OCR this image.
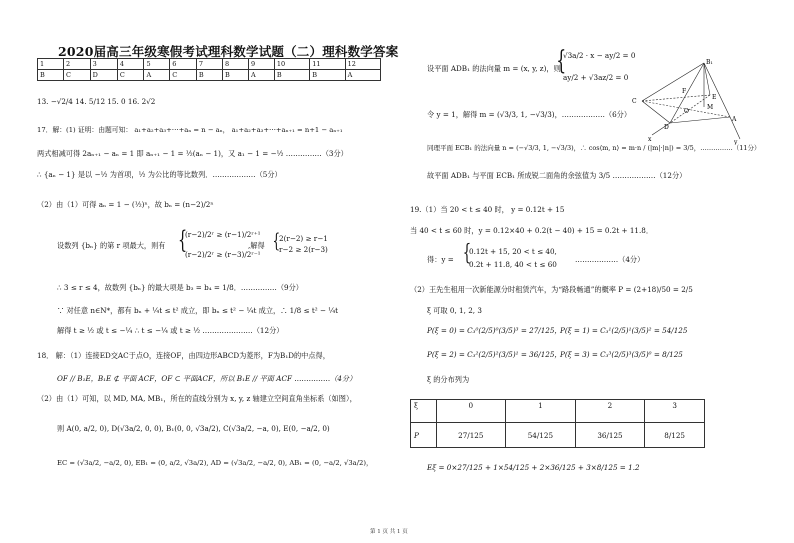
2020届高三年级寒假考试理科数学试题（二）理科数学答案
1	2	3	4	5	6	7	8	9	10	11	12
B	C	D	C	A	C	B	B	A	B	B	A
13. −√2/4 14. 5/12 15. 0 16. 2√2
17．解：(1) 证明：由题可知： a₁+a₂+a₃+⋯+aₙ = n − aₙ， a₁+a₂+a₃+⋯+aₙ₊₁ = n+1 − aₙ₊₁
两式相减可得 2aₙ₊₁ − aₙ = 1 即 aₙ₊₁ − 1 = ½(aₙ − 1)，又 a₁ − 1 = −½ ……………（3分）
∴ {aₙ − 1} 是以 −½ 为首项，½ 为公比的等比数列．………………（5分）
（2）由（1）可得 aₙ = 1 − (½)ⁿ，故 bₙ = (n−2)/2ⁿ
设数列 {bₙ} 的第 r 项最大，则有 {
(r−2)/2ʳ ≥ (r−1)/2ʳ⁺¹
(r−2)/2ʳ ≥ (r−3)/2ʳ⁻¹
,解得 {
2(r−2) ≥ r−1
r−2 ≥ 2(r−3)
∴ 3 ≤ r ≤ 4，故数列 {bₙ} 的最大项是 b₃ = b₄ = 1/8．……………（9分）
∵ 对任意 n∈N*，都有 bₙ + ¼t ≤ t² 成立，即 bₙ ≤ t² − ¼t 成立，∴ 1/8 ≤ t² − ¼t
解得 t ≥ ½ 或 t ≤ −¼ ∴ t ≤ −¼ 或 t ≥ ½ …………………（12分）
18． 解：（1）连接ED交AC于点O，连接OF，由四边形ABCD为菱形，F为B₁D的中点得，
OF // B₁E，B₁E ⊄ 平面 ACF，OF ⊂ 平面ACF，所以 B₁E // 平面 ACF ……………（4分）
（2）由（1）可知，以 MD, MA, MB₁，所在的直线分别为 x, y, z 轴建立空间直角坐标系（如图），
则 A(0, a/2, 0), D(√3a/2, 0, 0), B₁(0, 0, √3a/2), C(√3a/2, −a, 0), E(0, −a/2, 0)
EC = (√3a/2, −a/2, 0), EB₁ = (0, a/2, √3a/2), AD = (√3a/2, −a/2, 0), AB₁ = (0, −a/2, √3a/2)，
设平面 ADB₁ 的法向量 m = (x, y, z)，则
{
√3a/2 · x − ay/2 = 0
ay/2 + √3az/2 = 0
令 y = 1，解得 m = (√3/3, 1, −√3/3)，………………（6分）
同理平面 ECB₁ 的法向量 n = (−√3/3, 1, −√3/3)，∴ cos⟨m, n⟩ = m·n / (|m|·|n|) = 3/5，……………（11分）
故平面 ADB₁ 与平面 ECB₁ 所成锐二面角的余弦值为 3/5 ………………（12分）
19.（1）当 20 < t ≤ 40 时， y = 0.12t + 15
当 40 < t ≤ 60 时，y = 0.12×40 + 0.2(t − 40) + 15 = 0.2t + 11.8．
得：y = {
0.12t + 15, 20 < t ≤ 40,
0.2t + 11.8, 40 < t ≤ 60
………………（4分）
（2）王先生租用一次新能源分时租赁汽车，为“路段畅通”的概率 P = (2+18)/50 = 2/5
ξ 可取 0, 1, 2, 3
P(ξ = 0) = C₃⁰(2/5)⁰(3/5)³ = 27/125，
P(ξ = 1) = C₃¹(2/5)¹(3/5)² = 54/125
P(ξ = 2) = C₃²(2/5)²(3/5)¹ = 36/125，
P(ξ = 3) = C₃³(2/5)³(3/5)⁰ = 8/125
ξ 的分布列为
ξ	0	1	2	3
P	27/125	54/125	36/125	8/125
Eξ = 0×27/125 + 1×54/125 + 2×36/125 + 3×8/125 = 1.2
B₁
C
F
E
M
O
D
A
x	y
第 1 页 共 1 页
